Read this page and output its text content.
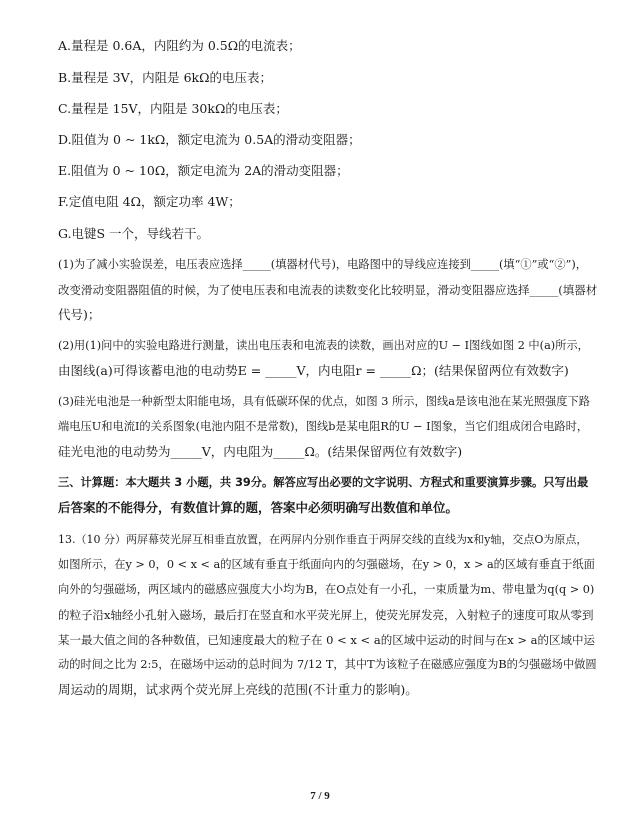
A.量程是 0.6A，内阻约为 0.5Ω的电流表；
B.量程是 3V，内阻是 6kΩ的电压表；
C.量程是 15V，内阻是 30kΩ的电压表；
D.阻值为 0 ~ 1kΩ，额定电流为 0.5A的滑动变阻器；
E.阻值为 0 ~ 10Ω，额定电流为 2A的滑动变阻器；
F.定值电阻 4Ω，额定功率 4W；
G.电键S 一个，导线若干。
(1)为了减小实验误差，电压表应选择_____(填器材代号)，电路图中的导线应连接到_____(填“①”或“②”)，
改变滑动变阻器阻值的时候，为了使电压表和电流表的读数变化比较明显，滑动变阻器应选择_____(填器材
代号)；
(2)用(1)问中的实验电路进行测量，读出电压表和电流表的读数，画出对应的U − I图线如图 2 中(a)所示，
由图线(a)可得该蓄电池的电动势E = _____V，内电阻r = _____Ω；(结果保留两位有效数字)
(3)硅光电池是一种新型太阳能电场，具有低碳环保的优点，如图 3 所示，图线a是该电池在某光照强度下路
端电压U和电流I的关系图象(电池内阻不是常数)，图线b是某电阻R的U − I图象，当它们组成闭合电路时，
硅光电池的电动势为_____V，内电阻为_____Ω。(结果保留两位有效数字)
三、计算题：本大题共 3 小题，共 39分。解答应写出必要的文字说明、方程式和重要演算步骤。只写出最
后答案的不能得分，有数值计算的题，答案中必须明确写出数值和单位。
13.（10 分）两屏幕荧光屏互相垂直放置，在两屏内分别作垂直于两屏交线的直线为x和y轴，交点O为原点，
如图所示，在y > 0，0 < x < a的区域有垂直于纸面向内的匀强磁场，在y > 0，x > a的区域有垂直于纸面
向外的匀强磁场，两区域内的磁感应强度大小均为B，在O点处有一小孔，一束质量为m、带电量为q(q > 0)
的粒子沿x轴经小孔射入磁场，最后打在竖直和水平荧光屏上，使荧光屏发亮，入射粒子的速度可取从零到
某一最大值之间的各种数值，已知速度最大的粒子在 0 < x < a的区域中运动的时间与在x > a的区域中运
动的时间之比为 2:5，在磁场中运动的总时间为 7/12 T，其中T为该粒子在磁感应强度为B的匀强磁场中做圆
周运动的周期，试求两个荧光屏上亮线的范围(不计重力的影响)。
7 / 9
